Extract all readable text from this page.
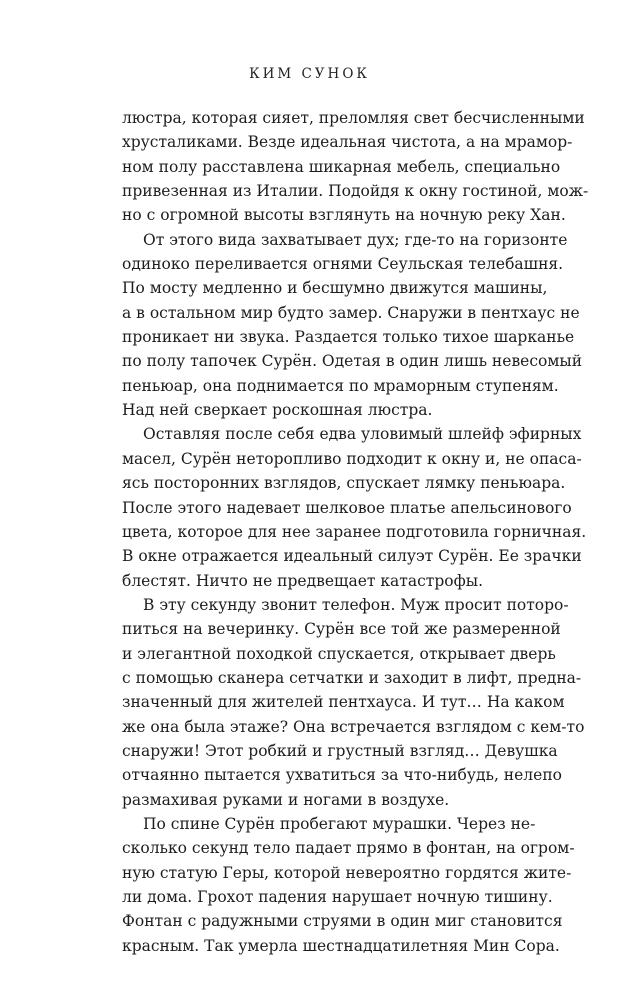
КИМ СУНОК
люстра, которая сияет, преломляя свет бесчисленными
хрусталиками. Везде идеальная чистота, а на мрамор-
ном полу расставлена шикарная мебель, специально
привезенная из Италии. Подойдя к окну гостиной, мож-
но с огромной высоты взглянуть на ночную реку Хан.
От этого вида захватывает дух; где-то на горизонте
одиноко переливается огнями Сеульская телебашня.
По мосту медленно и бесшумно движутся машины,
а в остальном мир будто замер. Снаружи в пентхаус не
проникает ни звука. Раздается только тихое шарканье
по полу тапочек Сурён. Одетая в один лишь невесомый
пеньюар, она поднимается по мраморным ступеням.
Над ней сверкает роскошная люстра.
Оставляя после себя едва уловимый шлейф эфирных
масел, Сурён неторопливо подходит к окну и, не опаса-
ясь посторонних взглядов, спускает лямку пеньюара.
После этого надевает шелковое платье апельсинового
цвета, которое для нее заранее подготовила горничная.
В окне отражается идеальный силуэт Сурён. Ее зрачки
блестят. Ничто не предвещает катастрофы.
В эту секунду звонит телефон. Муж просит потoро-
питься на вечеринку. Сурён все той же размеренной
и элегантной походкой спускается, открывает дверь
с помощью сканера сетчатки и заходит в лифт, предна-
значенный для жителей пентхауса. И тут… На каком
же она была этаже? Она встречается взглядом с кем-то
снаружи! Этот робкий и грустный взгляд… Девушка
отчаянно пытается ухватиться за что-нибудь, нелепо
размахивая руками и ногами в воздухе.
По спине Сурён пробегают мурашки. Через не-
сколько секунд тело падает прямо в фонтан, на огром-
ную статую Геры, которой невероятно гордятся жите-
ли дома. Грохот падения нарушает ночную тишину.
Фонтан с радужными струями в один миг становится
красным. Так умерла шестнадцатилетняя Мин Сора.
